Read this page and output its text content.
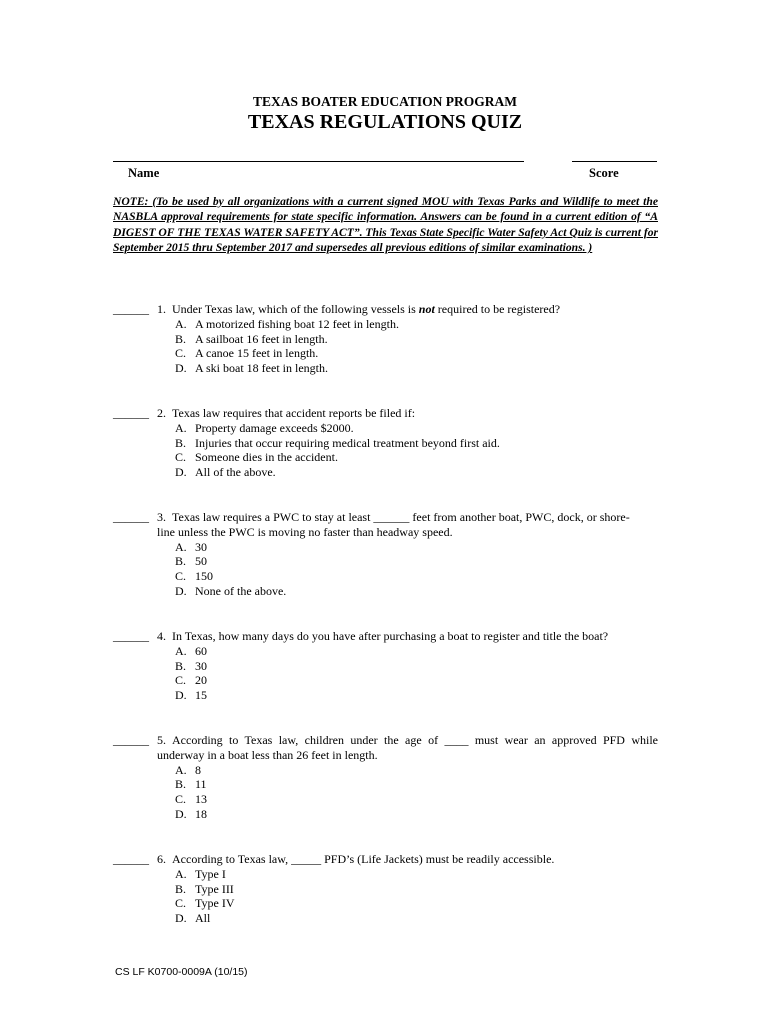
TEXAS BOATER EDUCATION PROGRAM
TEXAS REGULATIONS QUIZ
Name	Score
NOTE: (To be used by all organizations with a current signed MOU with Texas Parks and Wildlife to meet the NASBLA approval requirements for state specific information. Answers can be found in a current edition of “A DIGEST OF THE TEXAS WATER SAFETY ACT”. This Texas State Specific Water Safety Act Quiz is current for September 2015 thru September 2017 and supersedes all previous editions of similar examinations. )
______ 1. Under Texas law, which of the following vessels is not required to be registered?
A. A motorized fishing boat 12 feet in length.
B. A sailboat 16 feet in length.
C. A canoe 15 feet in length.
D. A ski boat 18 feet in length.
______ 2. Texas law requires that accident reports be filed if:
A. Property damage exceeds $2000.
B. Injuries that occur requiring medical treatment beyond first aid.
C. Someone dies in the accident.
D. All of the above.
______ 3. Texas law requires a PWC to stay at least ______ feet from another boat, PWC, dock, or shore-
line unless the PWC is moving no faster than headway speed.
A. 30
B. 50
C. 150
D. None of the above.
______ 4. In Texas, how many days do you have after purchasing a boat to register and title the boat?
A. 60
B. 30
C. 20
D. 15
______ 5. According to Texas law, children under the age of ____ must wear an approved PFD while
underway in a boat less than 26 feet in length.
A. 8
B. 11
C. 13
D. 18
______ 6. According to Texas law, _____ PFD’s (Life Jackets) must be readily accessible.
A. Type I
B. Type III
C. Type IV
D. All
CS LF K0700-0009A (10/15)
